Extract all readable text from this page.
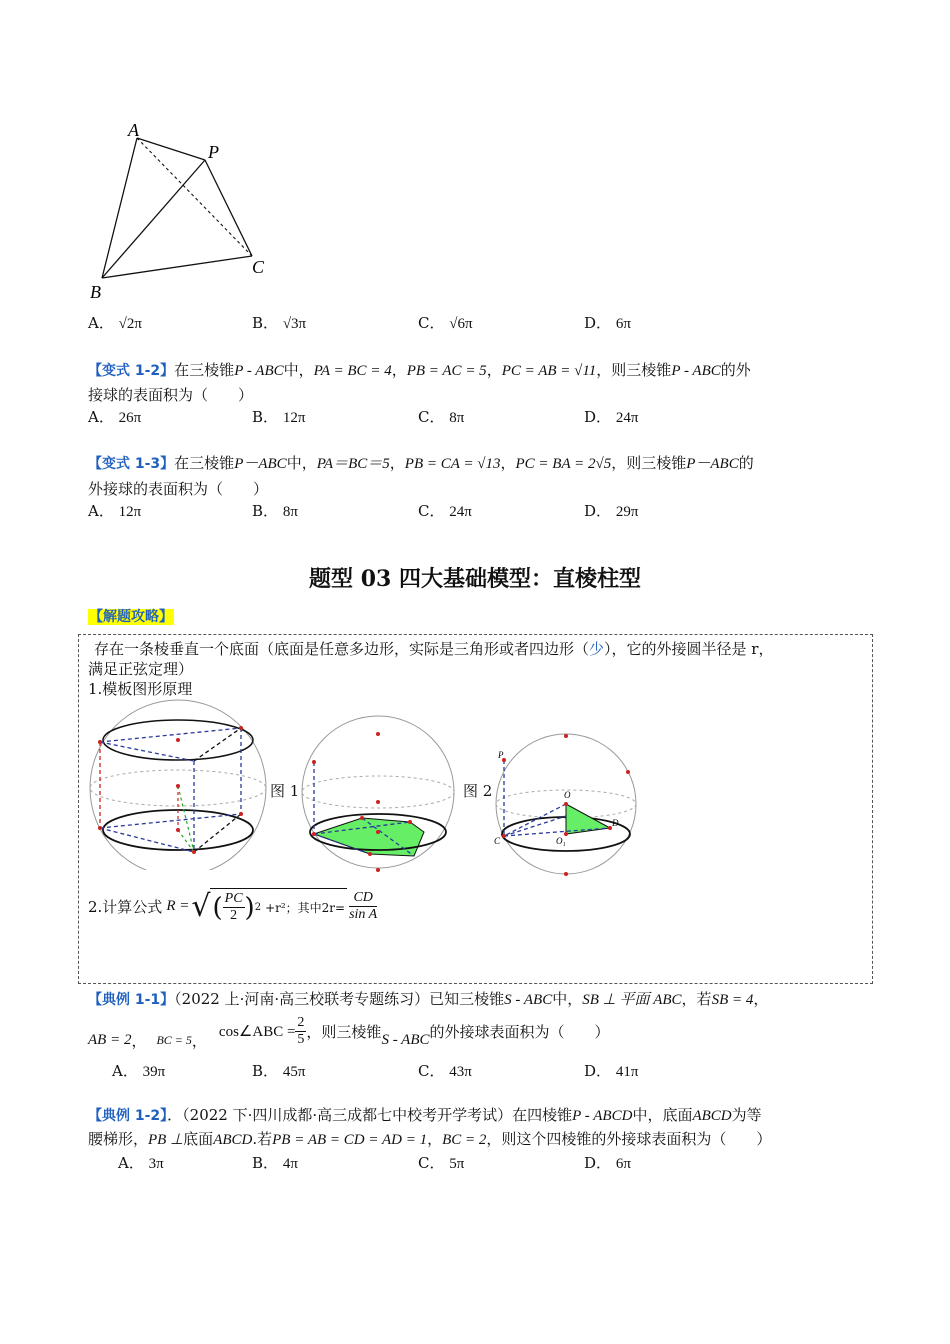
A
P
B
C
A． √2π	B． √3π	C． √6π	D． 6π
【变式 1-2】在三棱锥P - ABC中，PA = BC = 4，PB = AC = 5，PC = AB = √11，则三棱锥P - ABC的外
接球的表面积为（　　）
A． 26π	B． 12π	C． 8π	D． 24π
【变式 1-3】在三棱锥P－ABC中，PA＝BC＝5，PB = CA = √13，PC = BA = 2√5，则三棱锥P－ABC的
外接球的表面积为（　　）
A． 12π	B． 8π	C． 24π	D． 29π
题型 03 四大基础模型：直棱柱型
【解题攻略】
存在一条棱垂直一个底面（底面是任意多边形，实际是三角形或者四边形（少），它的外接圆半径是 r，
满足正弦定理）
1.模板图形原理
图 1	图 2
P
O
C
D
O₁
2.计算公式 R = √ ( $\frac{PC}{2}$ ) 2 +r²；其中$2r= \frac{CD}{\text{sin A}}$
【典例 1-1】（2022 上·河南·高三校联考专题练习）已知三棱锥S - ABC中，SB ⊥ 平面 ABC，若SB = 4，
AB = 2 ， BC = 5 ， cos∠ABC = $\frac{2}{5}$ ，则三棱锥 S - ABC 的外接球表面积为（　　）
A． 39π	B． 45π	C． 43π	D． 41π
【典例 1-2】．（2022 下·四川成都·高三成都七中校考开学考试）在四棱锥P - ABCD中，底面ABCD为等
腰梯形，PB ⊥底面ABCD.若PB = AB = CD = AD = 1，BC = 2，则这个四棱锥的外接球表面积为（　　）
A． 3π	B． 4π	C． 5π	D． 6π
